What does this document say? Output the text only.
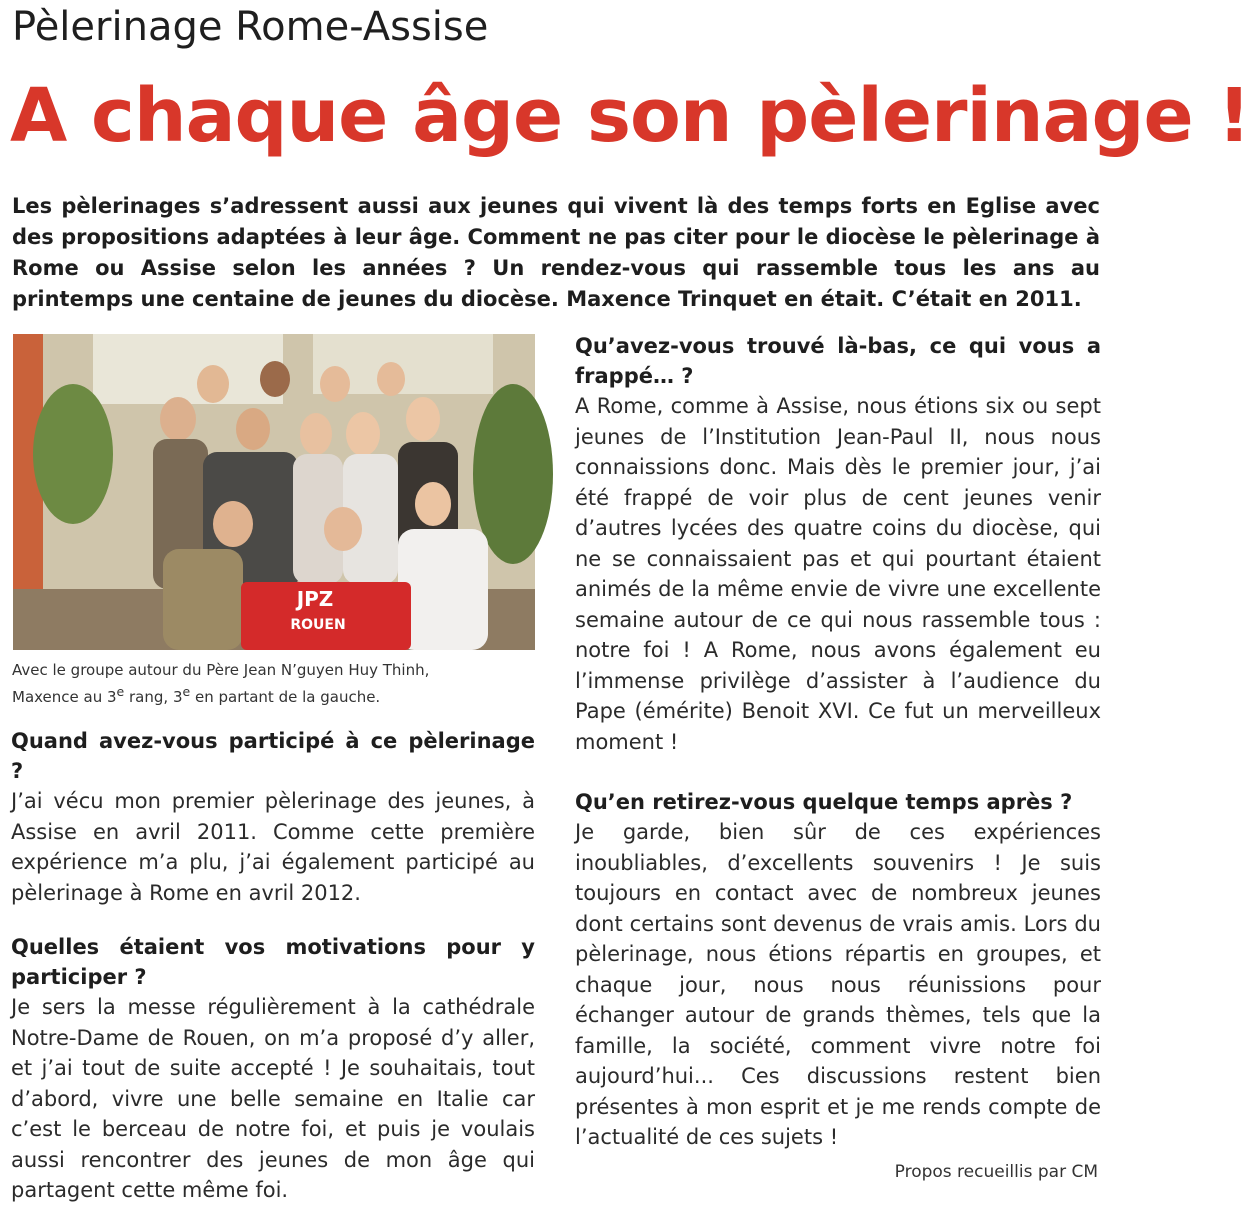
Pèlerinage Rome-Assise
A chaque âge son pèlerinage !

Les pèlerinages s’adressent aussi aux jeunes qui vivent là des temps forts en Eglise avec des propositions adaptées à leur âge. Comment ne pas citer pour le diocèse le pèlerinage à Rome ou Assise selon les années ? Un rendez-vous qui rassemble tous les ans au printemps une centaine de jeunes du diocèse. Maxence Trinquet en était. C’était en 2011.

JPZ
ROUEN

Avec le groupe autour du Père Jean N’guyen Huy Thinh,
Maxence au 3e rang, 3e en partant de la gauche.

Quand avez-vous participé à ce pèlerinage ?

J’ai vécu mon premier pèlerinage des jeunes, à Assise en avril 2011. Comme cette première expérience m’a plu, j’ai également participé au pèlerinage à Rome en avril 2012.

Quelles étaient vos motivations pour y participer ?

Je sers la messe régulièrement à la cathédrale Notre-Dame de Rouen, on m’a proposé d’y aller, et j’ai tout de suite accepté ! Je souhaitais, tout d’abord, vivre une belle semaine en Italie car c’est le berceau de notre foi, et puis je voulais aussi rencontrer des jeunes de mon âge qui partagent cette même foi.

Qu’avez-vous trouvé là-bas, ce qui vous a frappé… ?

A Rome, comme à Assise, nous étions six ou sept jeunes de l’Institution Jean-Paul II, nous nous connaissions donc. Mais dès le premier jour, j’ai été frappé de voir plus de cent jeunes venir d’autres lycées des quatre coins du diocèse, qui ne se connaissaient pas et qui pourtant étaient animés de la même envie de vivre une excellente semaine autour de ce qui nous rassemble tous : notre foi ! A Rome, nous avons également eu l’immense privilège d’assister à l’audience du Pape (émérite) Benoit XVI. Ce fut un merveilleux moment !

Qu’en retirez-vous quelque temps après ?

Je garde, bien sûr de ces expériences inoubliables, d’excellents souvenirs ! Je suis toujours en contact avec de nombreux jeunes dont certains sont devenus de vrais amis. Lors du pèlerinage, nous étions répartis en groupes, et chaque jour, nous nous réunissions pour échanger autour de grands thèmes, tels que la famille, la société, comment vivre notre foi aujourd’hui... Ces discussions restent bien présentes à mon esprit et je me rends compte de l’actualité de ces sujets !

Propos recueillis par CM
